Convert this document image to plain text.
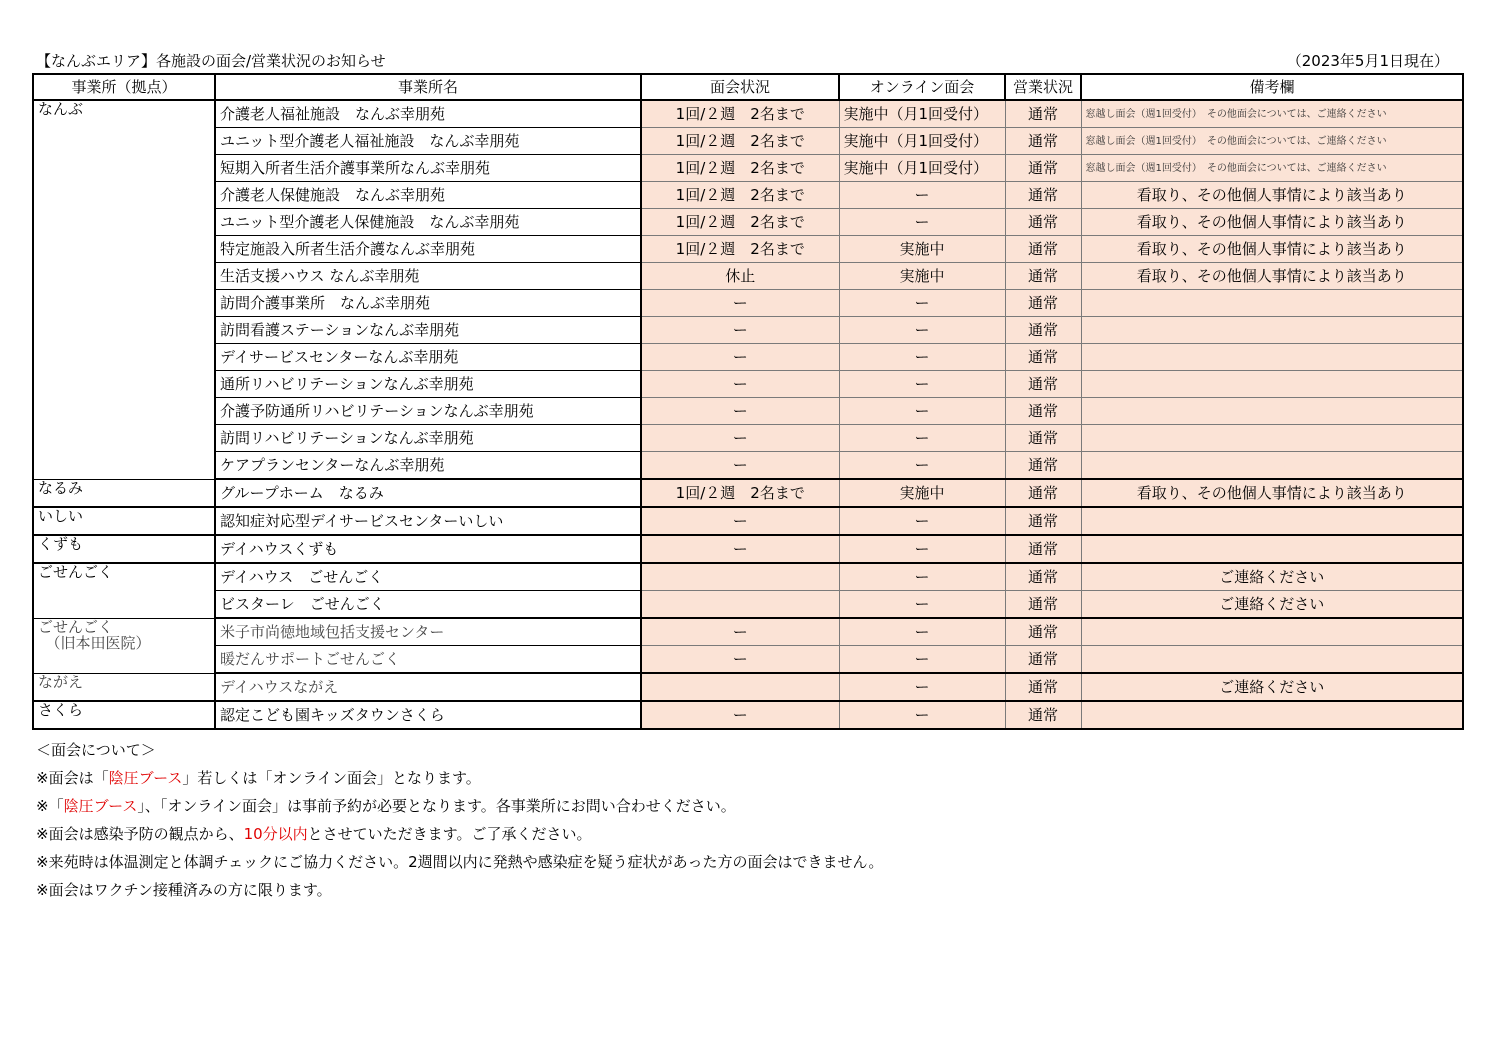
【なんぶエリア】各施設の面会/営業状況のお知らせ	（2023年5月1日現在）
事業所（拠点）	事業所名	面会状況	オンライン面会	営業状況	備考欄
なんぶ	介護老人福祉施設　なんぶ幸朋苑	1回/２週　2名まで	実施中（月1回受付）	通常	窓越し面会（週1回受付）　その他面会については、ご連絡ください
	ユニット型介護老人福祉施設　なんぶ幸朋苑	1回/２週　2名まで	実施中（月1回受付）	通常	窓越し面会（週1回受付）　その他面会については、ご連絡ください
	短期入所者生活介護事業所なんぶ幸朋苑	1回/２週　2名まで	実施中（月1回受付）	通常	窓越し面会（週1回受付）　その他面会については、ご連絡ください
	介護老人保健施設　なんぶ幸朋苑	1回/２週　2名まで	ー	通常	看取り、その他個人事情により該当あり
	ユニット型介護老人保健施設　なんぶ幸朋苑	1回/２週　2名まで	ー	通常	看取り、その他個人事情により該当あり
	特定施設入所者生活介護なんぶ幸朋苑	1回/２週　2名まで	実施中	通常	看取り、その他個人事情により該当あり
	生活支援ハウス なんぶ幸朋苑	休止	実施中	通常	看取り、その他個人事情により該当あり
	訪問介護事業所　なんぶ幸朋苑	ー	ー	通常	
	訪問看護ステーションなんぶ幸朋苑	ー	ー	通常	
	デイサービスセンターなんぶ幸朋苑	ー	ー	通常	
	通所リハビリテーションなんぶ幸朋苑	ー	ー	通常	
	介護予防通所リハビリテーションなんぶ幸朋苑	ー	ー	通常	
	訪問リハビリテーションなんぶ幸朋苑	ー	ー	通常	
	ケアプランセンターなんぶ幸朋苑	ー	ー	通常	
なるみ	グループホーム　なるみ	1回/２週　2名まで	実施中	通常	看取り、その他個人事情により該当あり
いしい	認知症対応型デイサービスセンターいしい	ー	ー	通常	
くずも	デイハウスくずも	ー	ー	通常	
ごせんごく	デイハウス　ごせんごく		ー	通常	ご連絡ください
	ビスターレ　ごせんごく		ー	通常	ご連絡ください
ごせんごく
　（旧本田医院）	米子市尚徳地域包括支援センター	ー	ー	通常	
	暖だんサポートごせんごく	ー	ー	通常	
ながえ	デイハウスながえ		ー	通常	ご連絡ください
さくら	認定こども園キッズタウンさくら	ー	ー	通常	
＜面会について＞
※面会は「陰圧ブース」若しくは「オンライン面会」となります。
※「陰圧ブース」、「オンライン面会」は事前予約が必要となります。各事業所にお問い合わせください。
※面会は感染予防の観点から、10分以内とさせていただきます。ご了承ください。
※来苑時は体温測定と体調チェックにご協力ください。2週間以内に発熱や感染症を疑う症状があった方の面会はできません。
※面会はワクチン接種済みの方に限ります。
